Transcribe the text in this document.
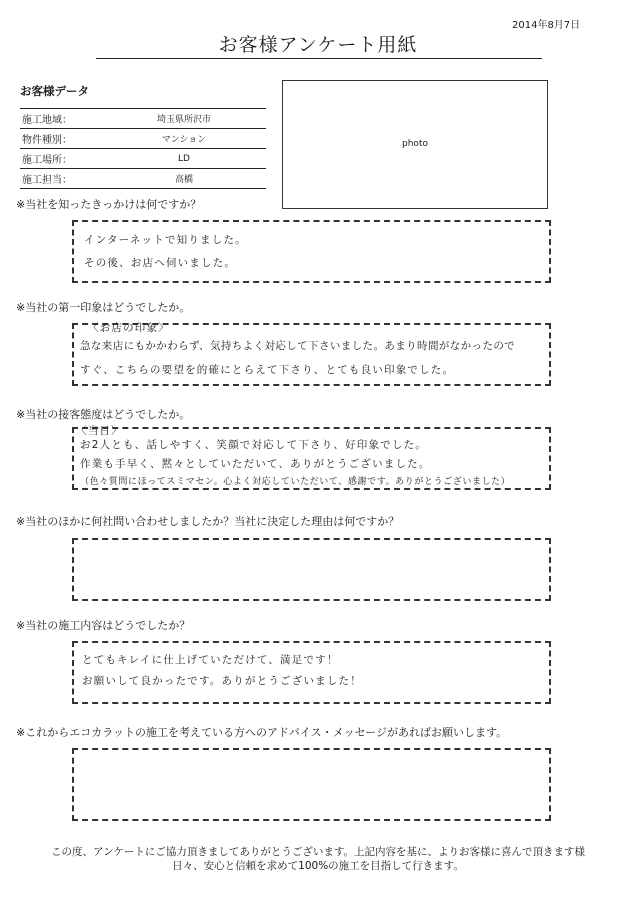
2014年8月7日
お客様アンケート用紙
お客様データ
施工地域：	埼玉県所沢市
物件種別：	マンション
施工場所：	LD
施工担当：	高橋
photo
※当社を知ったきっかけは何ですか？
インターネットで知りました。
その後、お店へ伺いました。
※当社の第一印象はどうでしたか。
〈お店の印象〉
急な来店にもかかわらず、気持ちよく対応して下さいました。あまり時間がなかったので
すぐ、こちらの要望を的確にとらえて下さり、とても良い印象でした。
※当社の接客態度はどうでしたか。
〈当日〉
お2人とも、話しやすく、笑顔で対応して下さり、好印象でした。
作業も手早く、黙々としていただいて、ありがとうございました。
（色々質問にほってスミマセン。心よく対応していただいて、感謝です。ありがとうございました）
※当社のほかに何社問い合わせしましたか？当社に決定した理由は何ですか？
※当社の施工内容はどうでしたか？
とてもキレイに仕上げていただけて、満足です！
お願いして良かったです。ありがとうございました！
※これからエコカラットの施工を考えている方へのアドバイス・メッセージがあればお願いします。
この度、アンケートにご協力頂きましてありがとうございます。上記内容を基に、よりお客様に喜んで頂きます様
日々、安心と信頼を求めて100%の施工を目指して行きます。
